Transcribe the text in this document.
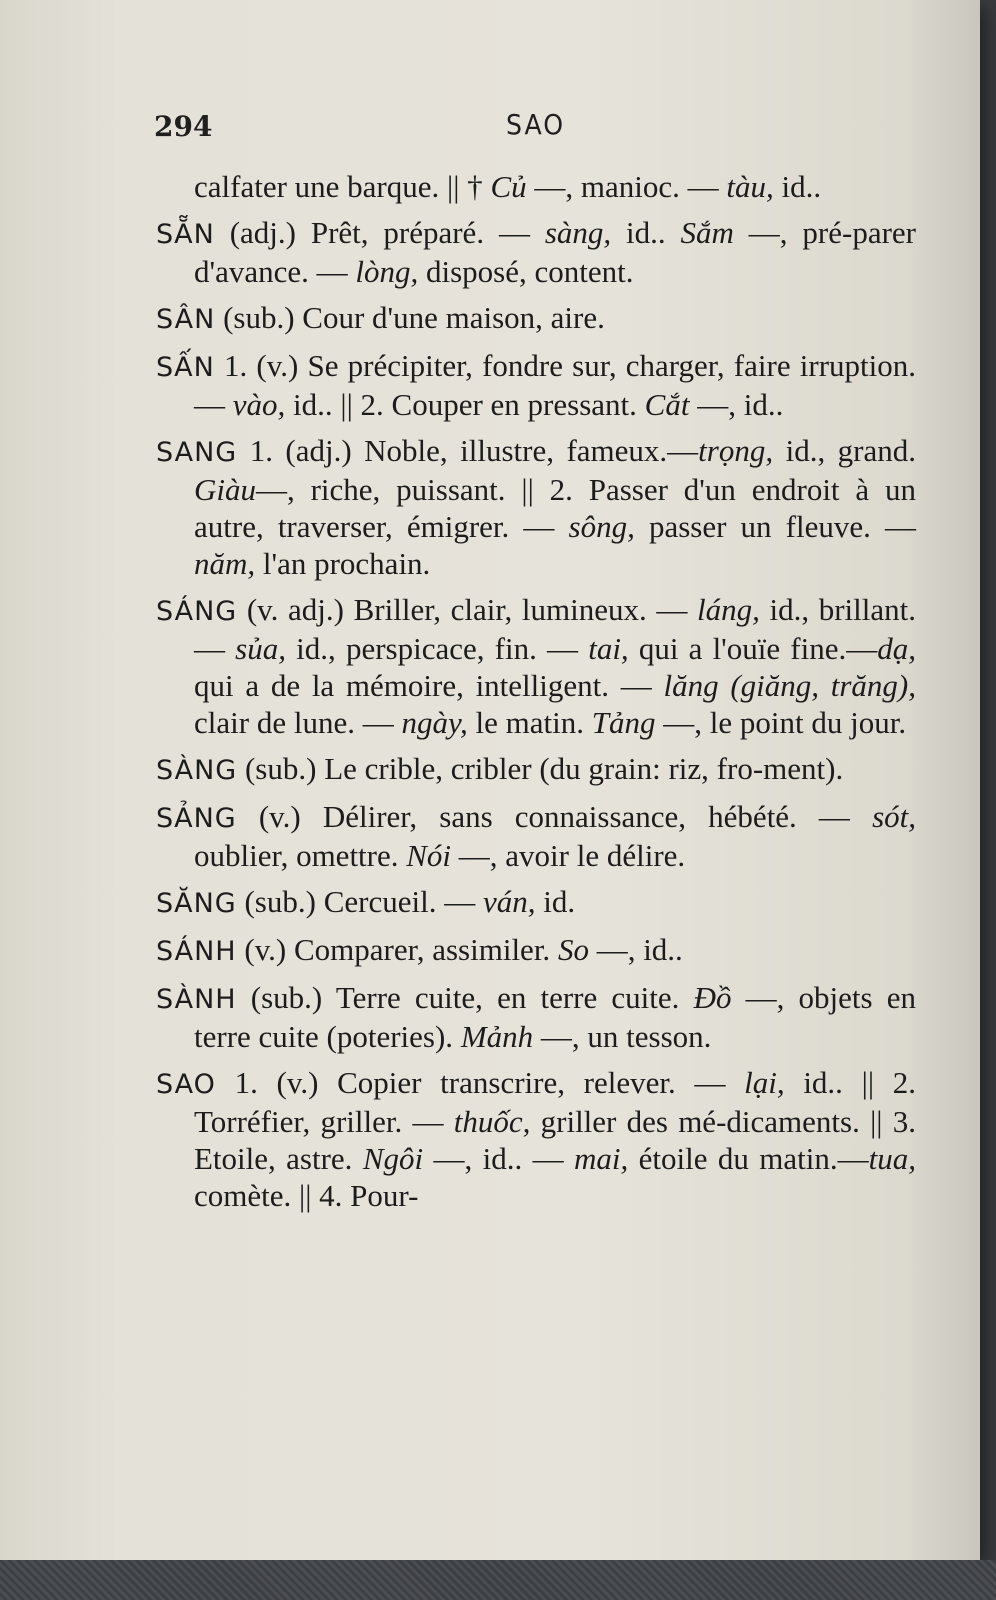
294	SAO
calfater une barque. || † Củ —, manioc. — tàu, id..
SẴN (adj.) Prêt, préparé. — sàng, id.. Sắm —, pré-parer d'avance. — lòng, disposé, content.
SÂN (sub.) Cour d'une maison, aire.
SẤN 1. (v.) Se précipiter, fondre sur, charger, faire irruption. — vào, id.. || 2. Couper en pressant. Cắt —, id..
SANG 1. (adj.) Noble, illustre, fameux.—trọng, id., grand. Giàu—, riche, puissant. || 2. Passer d'un endroit à un autre, traverser, émigrer. — sông, passer un fleuve. — năm, l'an prochain.
SÁNG (v. adj.) Briller, clair, lumineux. — láng, id., brillant. — sủa, id., perspicace, fin. — tai, qui a l'ouïe fine.—dạ, qui a de la mémoire, intelligent. — lăng (giăng, trăng), clair de lune. — ngày, le matin. Tảng —, le point du jour.
SÀNG (sub.) Le crible, cribler (du grain: riz, fro-ment).
SẢNG (v.) Délirer, sans connaissance, hébété. — sót, oublier, omettre. Nói —, avoir le délire.
SĂNG (sub.) Cercueil. — ván, id.
SÁNH (v.) Comparer, assimiler. So —, id..
SÀNH (sub.) Terre cuite, en terre cuite. Đồ —, objets en terre cuite (poteries). Mảnh —, un tesson.
SAO 1. (v.) Copier transcrire, relever. — lại, id.. || 2. Torréfier, griller. — thuốc, griller des mé-dicaments. || 3. Etoile, astre. Ngôi —, id.. — mai, étoile du matin.—tua, comète. || 4. Pour-
